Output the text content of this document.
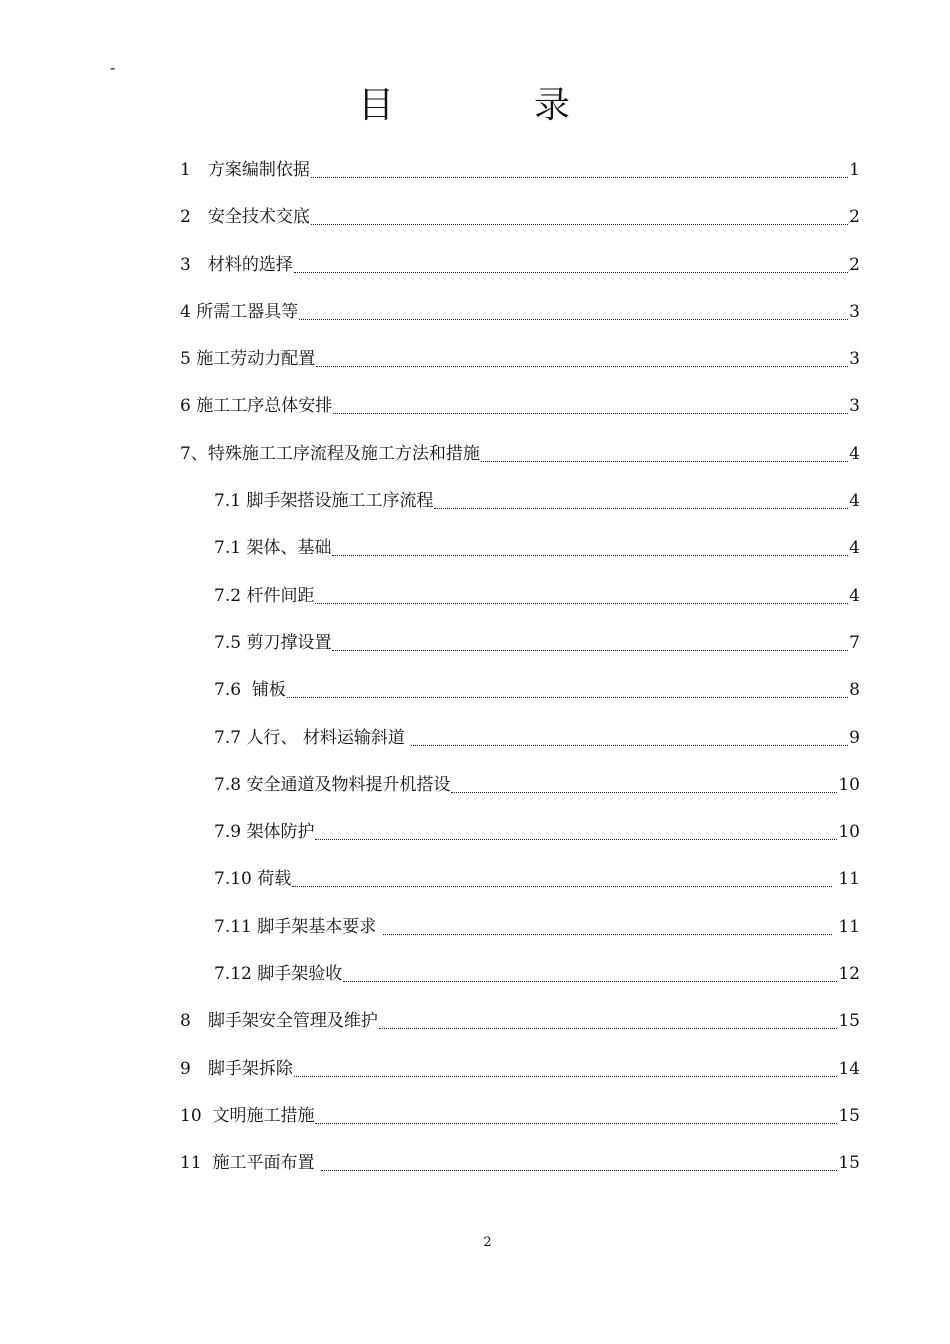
-
目　录
1　方案编制依据	1
2　安全技术交底	2
3　材料的选择	2
4 所需工器具等	3
5 施工劳动力配置	3
6 施工工序总体安排	3
7、特殊施工工序流程及施工方法和措施	4
7.1 脚手架搭设施工工序流程	4
7.1 架体、基础	4
7.2 杆件间距	4
7.5 剪刀撑设置	7
7.6  铺板	8
7.7 人行、 材料运输斜道	9
7.8 安全通道及物料提升机搭设	10
7.9 架体防护	10
7.10 荷载	11
7.11 脚手架基本要求	11
7.12 脚手架验收	12
8　脚手架安全管理及维护	15
9　脚手架拆除	14
10  文明施工措施	15
11  施工平面布置	15
2
